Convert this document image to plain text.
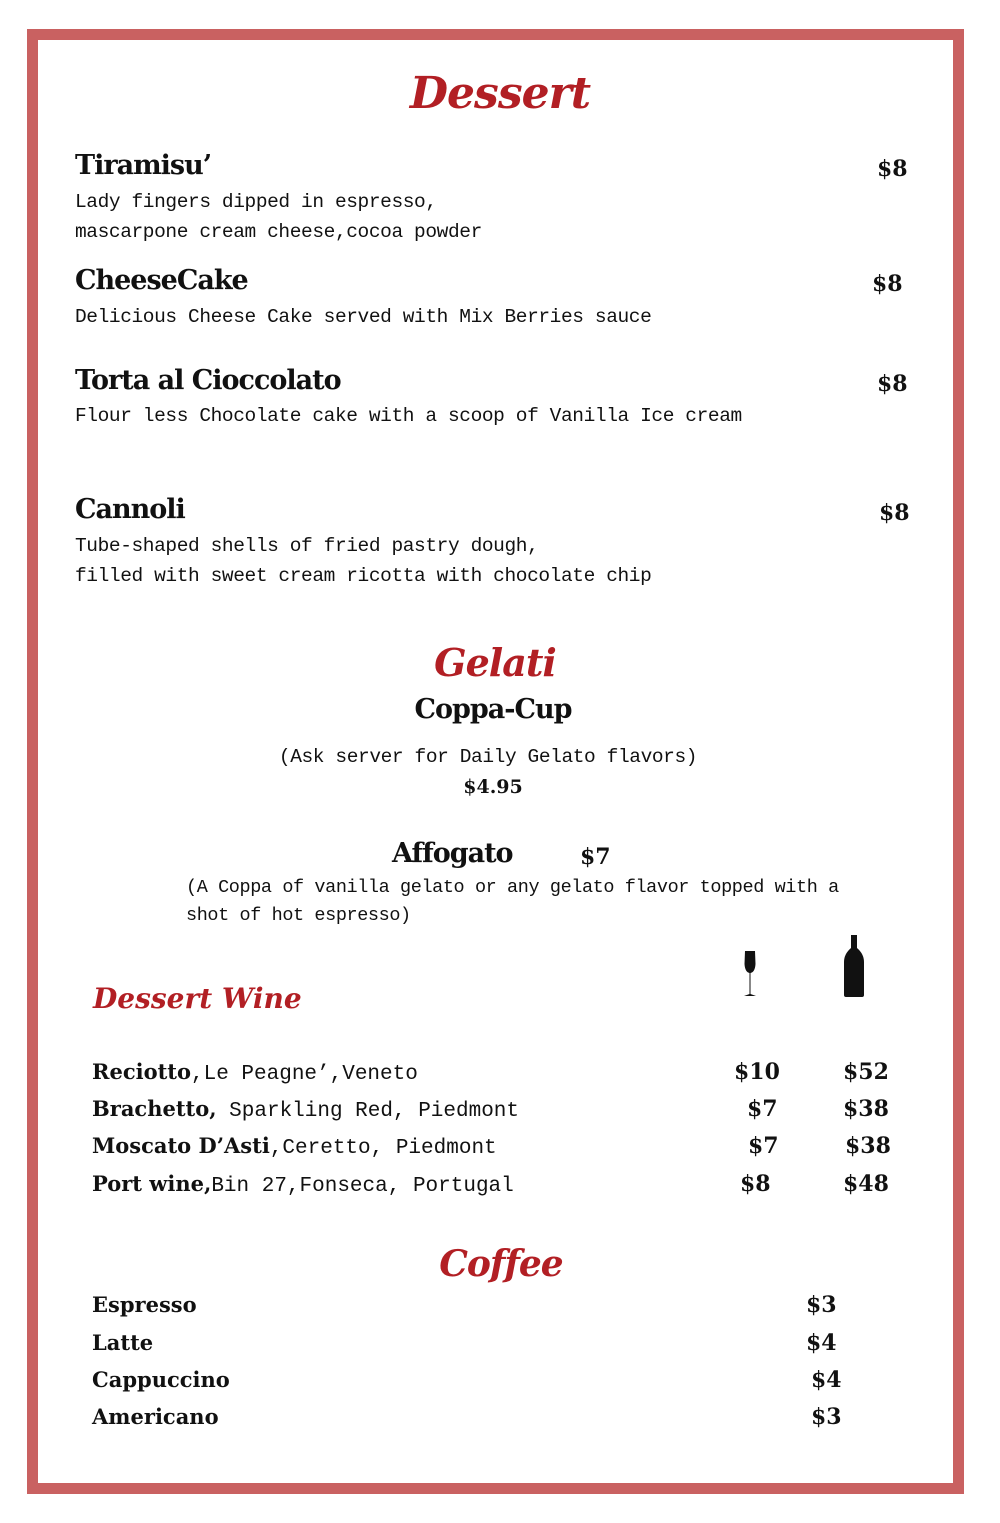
Dessert
Tiramisu’	$8
Lady fingers dipped in espresso,
mascarpone cream cheese,cocoa powder
CheeseCake	$8
Delicious Cheese Cake served with Mix Berries sauce
Torta al Cioccolato	$8
Flour less Chocolate cake with a scoop of Vanilla Ice cream
Cannoli	$8
Tube-shaped shells of fried pastry dough,
filled with sweet cream ricotta with chocolate chip
Gelati
Coppa-Cup
(Ask server for Daily Gelato flavors)
$4.95
Affogato	$7
(A Coppa of vanilla gelato or any gelato flavor topped with a
shot of hot espresso)
Dessert Wine
Reciotto,Le Peagne’,Veneto	$10	$52
Brachetto, Sparkling Red, Piedmont	$7	$38
Moscato D’Asti,Ceretto, Piedmont	$7	$38
Port wine,Bin 27,Fonseca, Portugal	$8	$48
Coffee
Espresso	$3
Latte	$4
Cappuccino	$4
Americano	$3
